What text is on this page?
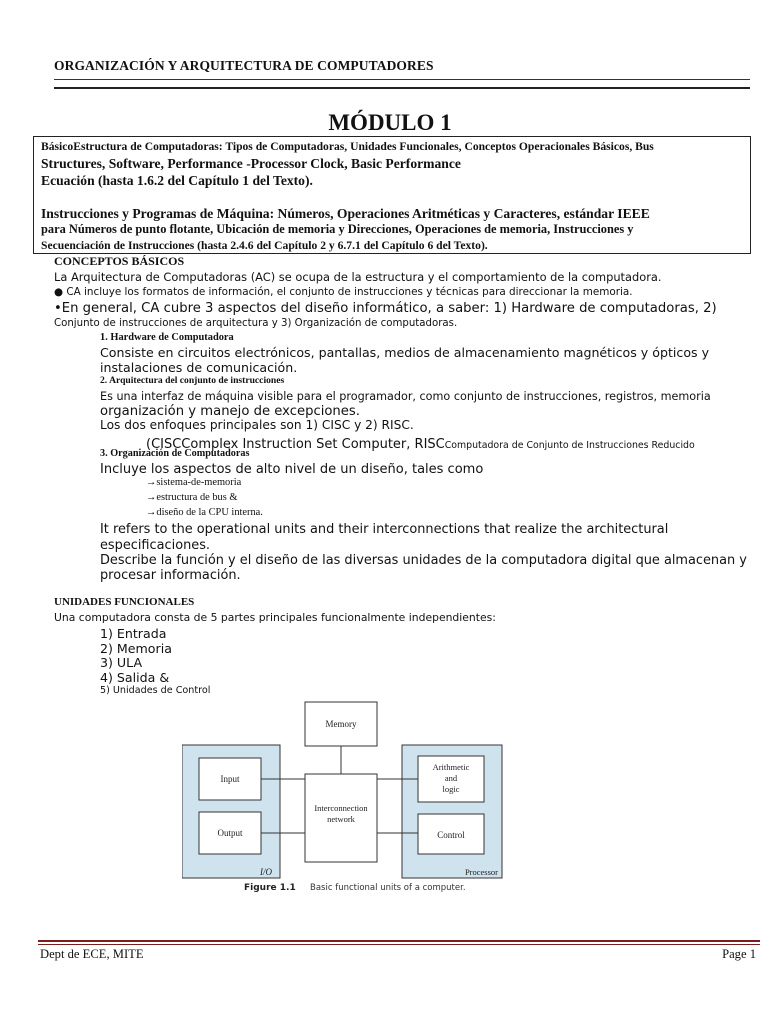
ORGANIZACIÓN Y ARQUITECTURA DE COMPUTADORES
MÓDULO 1
BásicoEstructura de Computadoras: Tipos de Computadoras, Unidades Funcionales, Conceptos Operacionales Básicos, Bus
Structures, Software, Performance -Processor Clock, Basic Performance
Ecuación (hasta 1.6.2 del Capítulo 1 del Texto).
Instrucciones y Programas de Máquina: Números, Operaciones Aritméticas y Caracteres, estándar IEEE
para Números de punto flotante, Ubicación de memoria y Direcciones, Operaciones de memoria, Instrucciones y
Secuenciación de Instrucciones (hasta 2.4.6 del Capítulo 2 y 6.7.1 del Capítulo 6 del Texto).
CONCEPTOS BÁSICOS
La Arquitectura de Computadoras (AC) se ocupa de la estructura y el comportamiento de la computadora.
● CA incluye los formatos de información, el conjunto de instrucciones y técnicas para direccionar la memoria.
•En general, CA cubre 3 aspectos del diseño informático, a saber: 1) Hardware de computadoras, 2)
Conjunto de instrucciones de arquitectura y 3) Organización de computadoras.
1. Hardware de Computadora
Consiste en circuitos electrónicos, pantallas, medios de almacenamiento magnéticos y ópticos y
instalaciones de comunicación.
2. Arquitectura del conjunto de instrucciones
Es una interfaz de máquina visible para el programador, como conjunto de instrucciones, registros, memoria
organización y manejo de excepciones.
Los dos enfoques principales son 1) CISC y 2) RISC.
(CISCComplex Instruction Set Computer, RISCComputadora de Conjunto de Instrucciones Reducido
3. Organización de Computadoras
Incluye los aspectos de alto nivel de un diseño, tales como
→sistema-de-memoria
→estructura de bus &
→diseño de la CPU interna.
It refers to the operational units and their interconnections that realize the architectural
especificaciones.
Describe la función y el diseño de las diversas unidades de la computadora digital que almacenan y
procesar información.
UNIDADES FUNCIONALES
Una computadora consta de 5 partes principales funcionalmente independientes:
1) Entrada
2) Memoria
3) ULA
4) Salida &
5) Unidades de Control
I/O
Input
Output
Memory
Interconnection
network
Processor
Arithmetic
and
logic
Control
Figure 1.1 Basic functional units of a computer.
Dept de ECE, MITE	Page 1
